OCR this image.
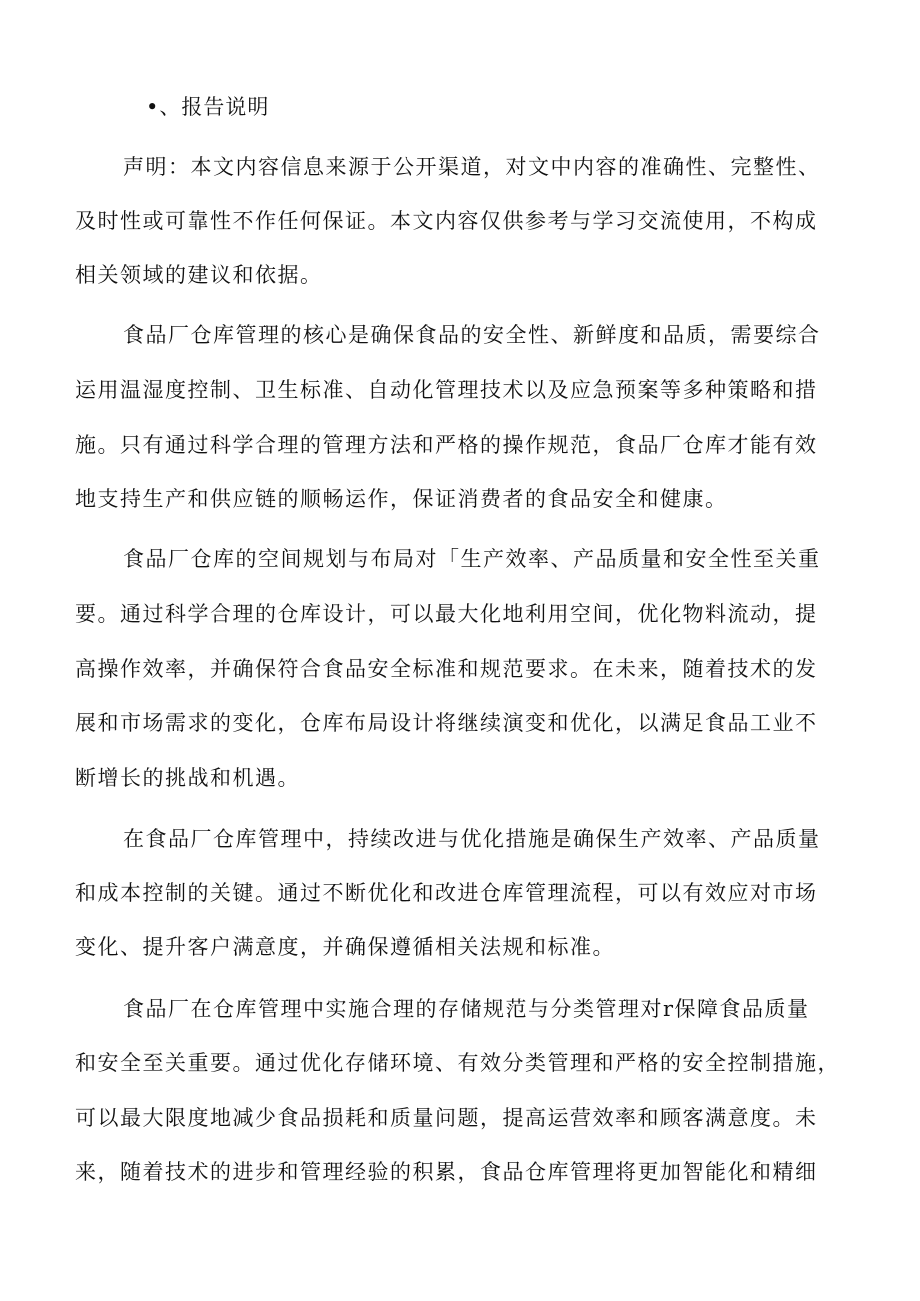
•、报告说明
声明：本文内容信息来源于公开渠道，对文中内容的准确性、完整性、
及时性或可靠性不作任何保证。本文内容仅供参考与学习交流使用，不构成
相关领域的建议和依据。
食品厂仓库管理的核心是确保食品的安全性、新鲜度和品质，需要综合
运用温湿度控制、卫生标准、自动化管理技术以及应急预案等多种策略和措
施。只有通过科学合理的管理方法和严格的操作规范，食品厂仓库才能有效
地支持生产和供应链的顺畅运作，保证消费者的食品安全和健康。
食品厂仓库的空间规划与布局对「生产效率、产品质量和安全性至关重
要。通过科学合理的仓库设计，可以最大化地利用空间，优化物料流动，提
高操作效率，并确保符合食品安全标准和规范要求。在未来，随着技术的发
展和市场需求的变化，仓库布局设计将继续演变和优化，以满足食品工业不
断增长的挑战和机遇。
在食品厂仓库管理中，持续改进与优化措施是确保生产效率、产品质量
和成本控制的关键。通过不断优化和改进仓库管理流程，可以有效应对市场
变化、提升客户满意度，并确保遵循相关法规和标准。
食品厂在仓库管理中实施合理的存储规范与分类管理对r保障食品质量
和安全至关重要。通过优化存储环境、有效分类管理和严格的安全控制措施，
可以最大限度地减少食品损耗和质量问题，提高运营效率和顾客满意度。未
来，随着技术的进步和管理经验的积累，食品仓库管理将更加智能化和精细
